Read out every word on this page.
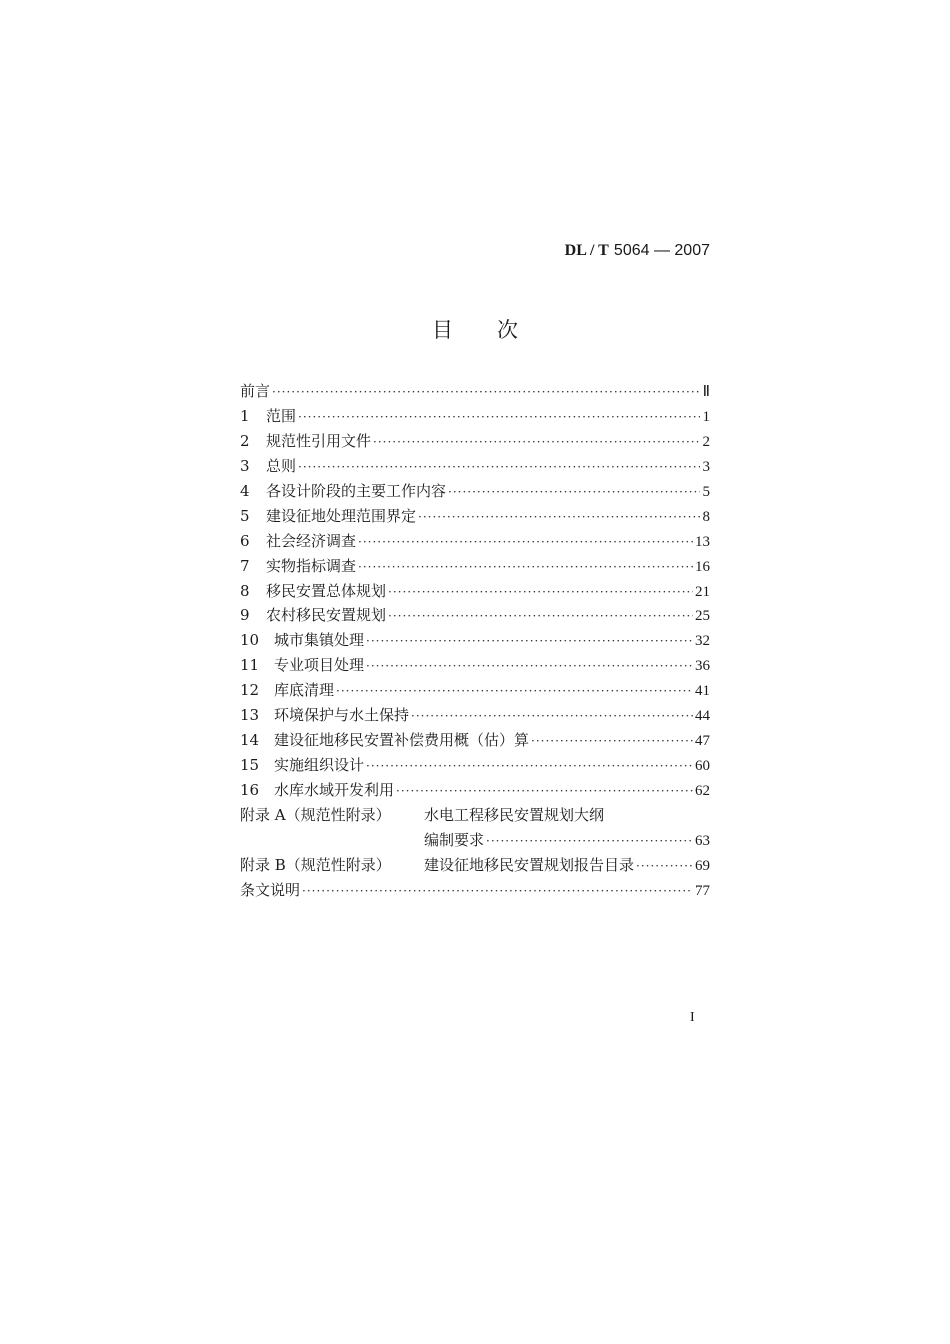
DL / T 5064 — 2007
目 次
前言 ·····	Ⅱ
1	范围 ·····	1
2	规范性引用文件 ·····	2
3	总则 ·····	3
4	各设计阶段的主要工作内容 ·····	5
5	建设征地处理范围界定 ·····	8
6	社会经济调查 ·····	13
7	实物指标调查 ·····	16
8	移民安置总体规划 ·····	21
9	农村移民安置规划 ·····	25
10 城市集镇处理 ·····	32
11 专业项目处理 ·····	36
12 库底清理 ·····	41
13 环境保护与水土保持 ·····	44
14 建设征地移民安置补偿费用概（估）算 ·····	47
15 实施组织设计 ·····	60
16 水库水域开发利用 ·····	62
附录 A（规范性附录）	水电工程移民安置规划大纲
编制要求 ·····	63
附录 B（规范性附录）	建设征地移民安置规划报告目录 ·····	69
条文说明 ·····	77
I
